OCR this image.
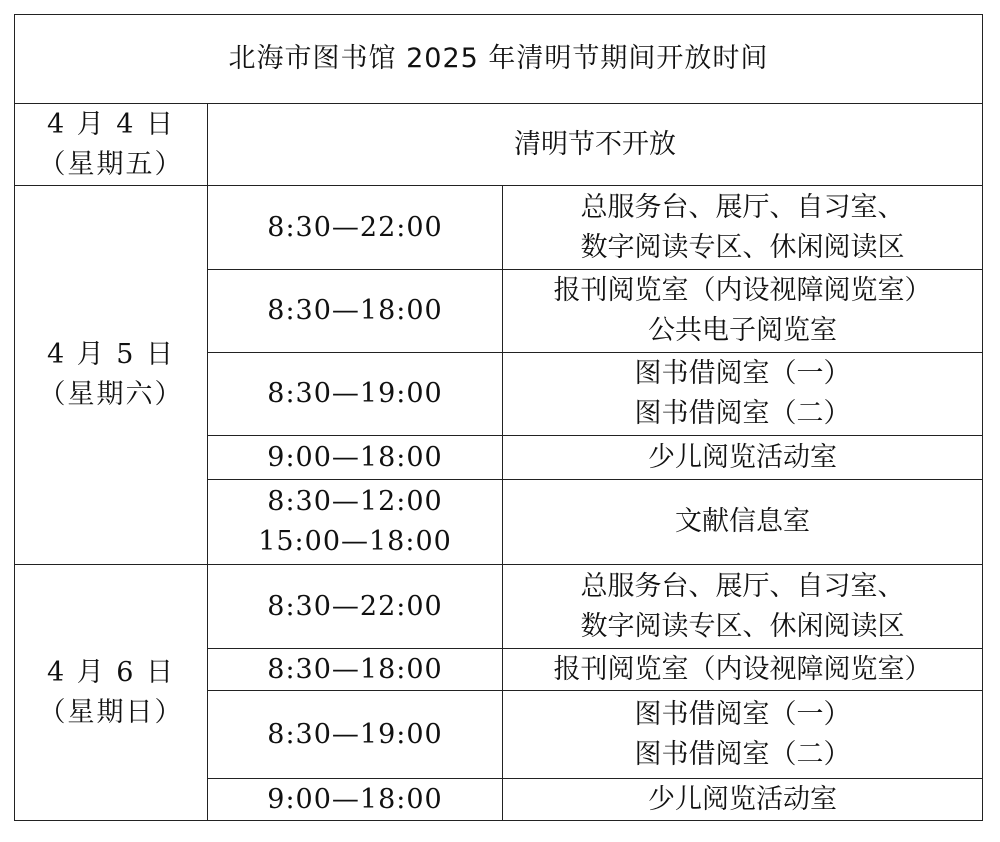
北海市图书馆 2025 年清明节期间开放时间		

4 月 4 日
（星期五）	清明节不开放	

4 月 5 日
（星期六）	8:30—22:00	总服务台、展厅、自习室、
数字阅读专区、休闲阅读区

	8:30—18:00	报刊阅览室（内设视障阅览室）
公共电子阅览室

	8:30—19:00	图书借阅室（一）
图书借阅室（二）

	9:00—18:00	少儿阅览活动室

	8:30—12:00
15:00—18:00	文献信息室

4 月 6 日
（星期日）	8:30—22:00	总服务台、展厅、自习室、
数字阅读专区、休闲阅读区

	8:30—18:00	报刊阅览室（内设视障阅览室）

	8:30—19:00	图书借阅室（一）
图书借阅室（二）

	9:00—18:00	少儿阅览活动室
